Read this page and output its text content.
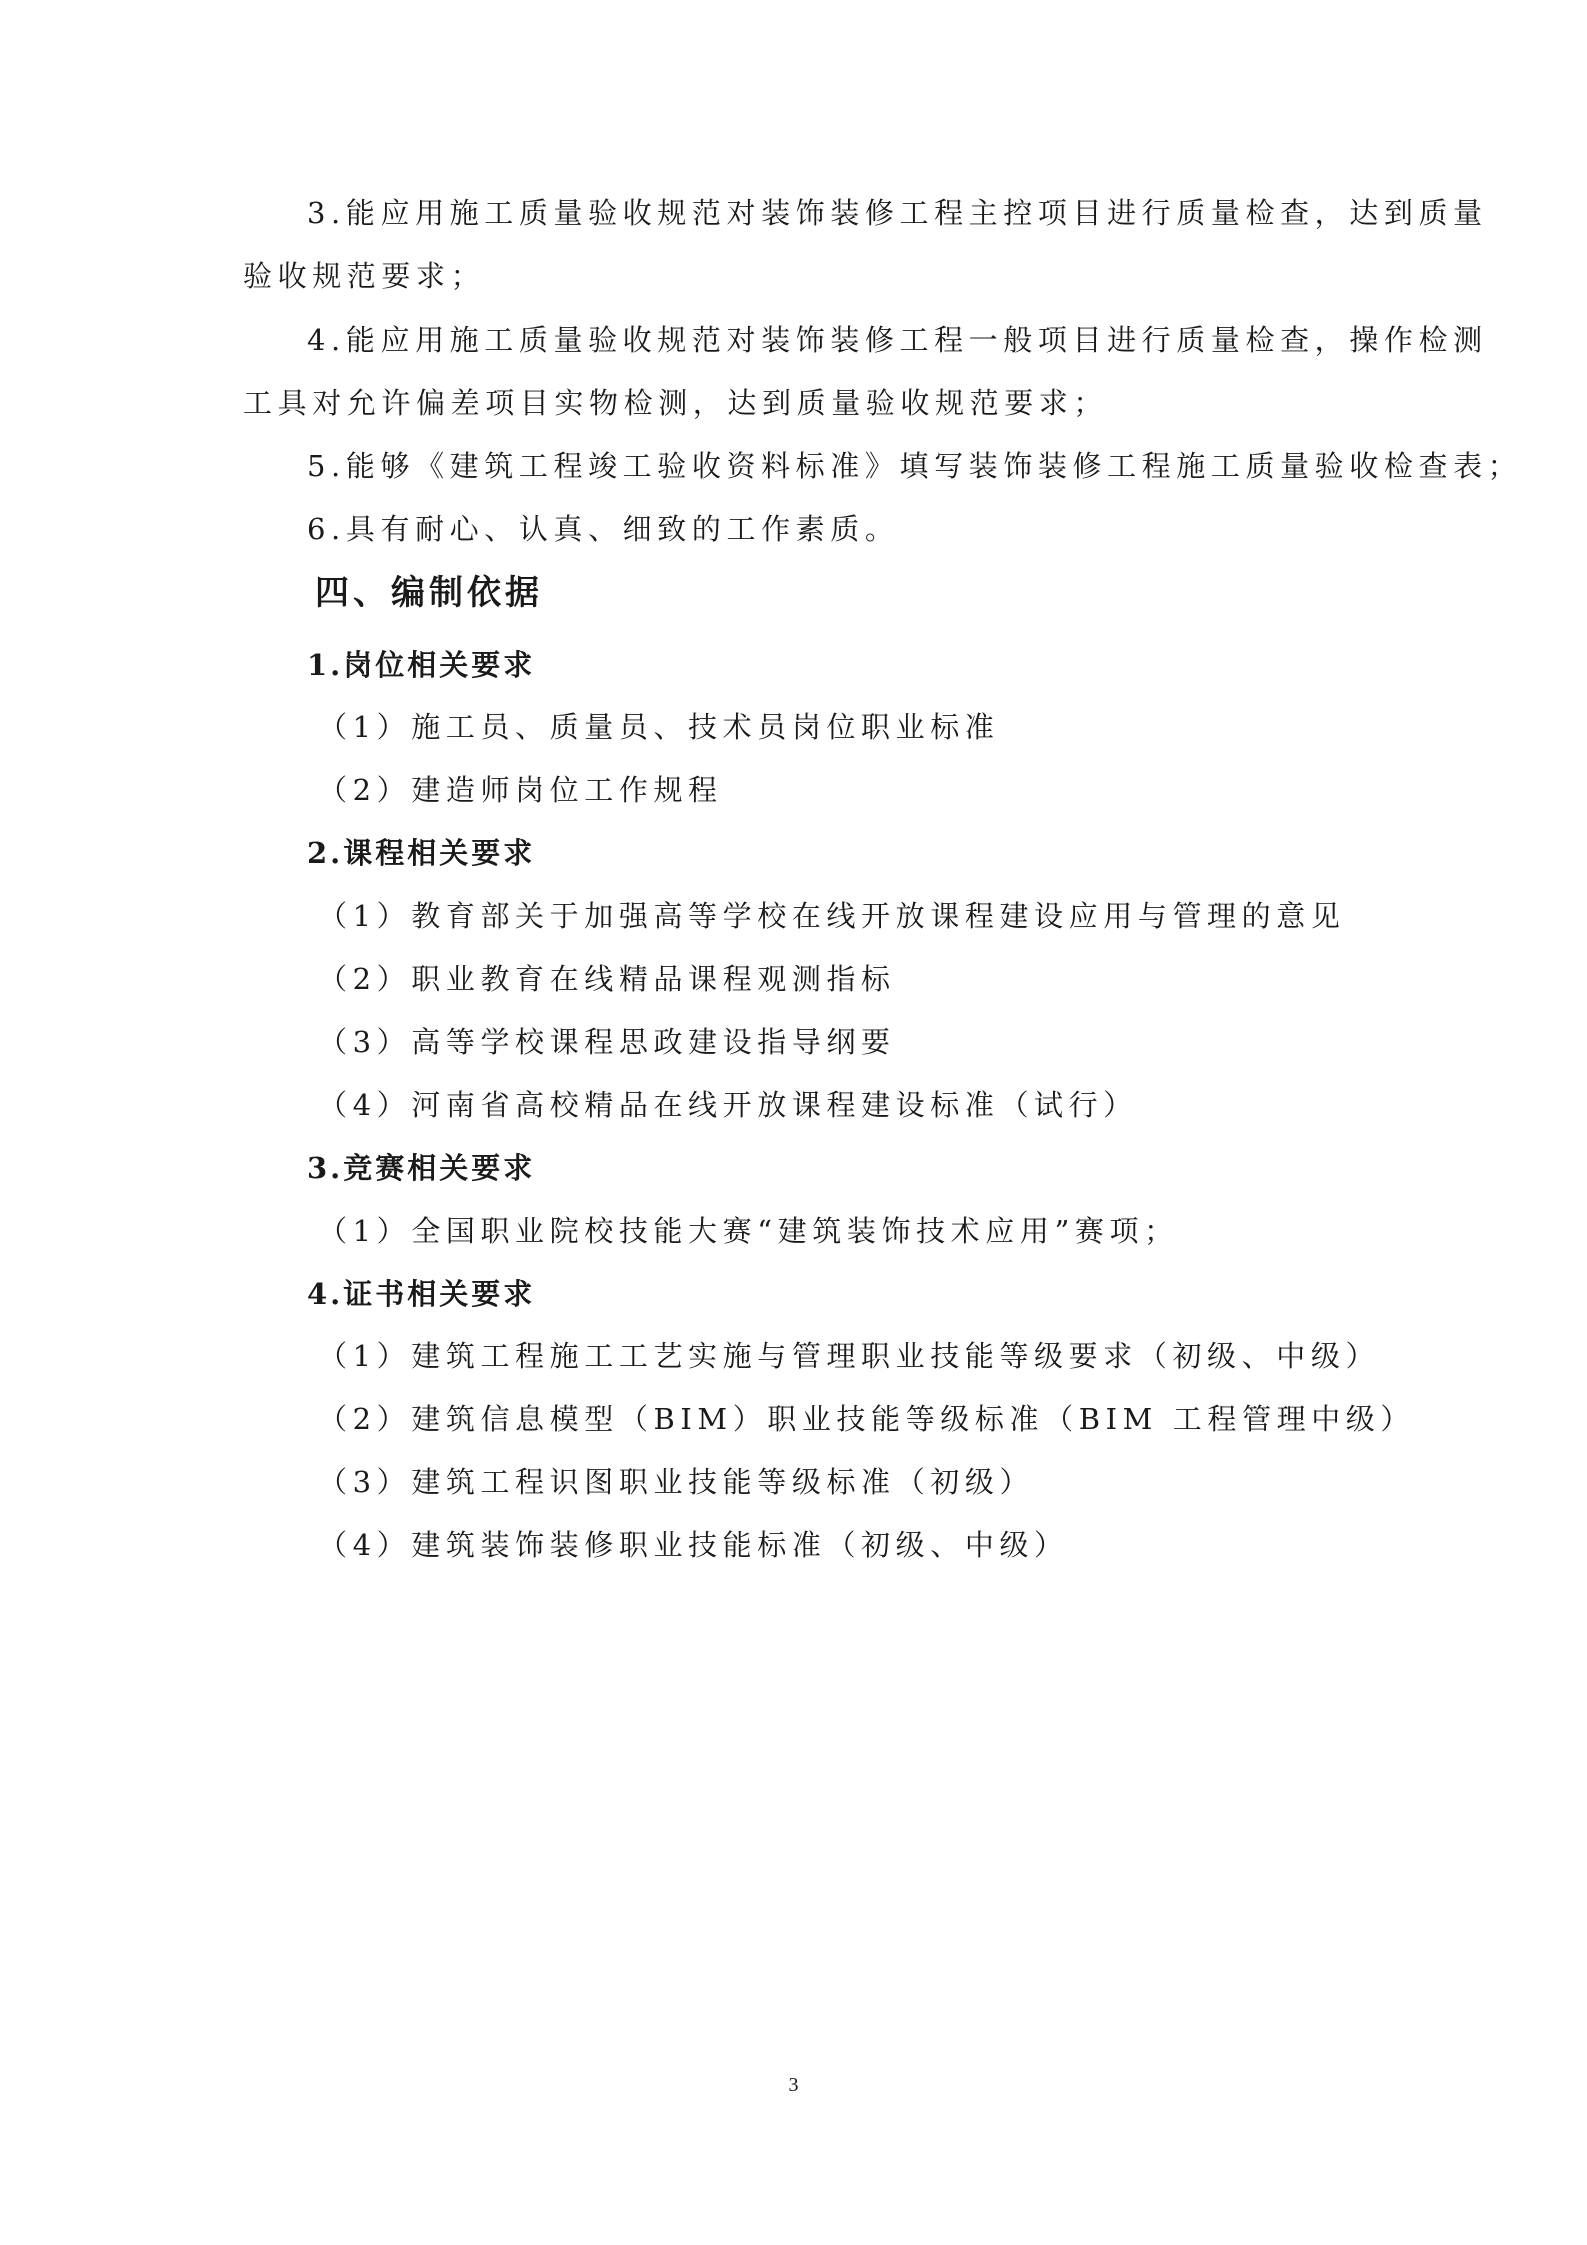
3.能应用施工质量验收规范对装饰装修工程主控项目进行质量检查，达到质量
验收规范要求；
4.能应用施工质量验收规范对装饰装修工程一般项目进行质量检查，操作检测
工具对允许偏差项目实物检测，达到质量验收规范要求；
5.能够《建筑工程竣工验收资料标准》填写装饰装修工程施工质量验收检查表；
6.具有耐心、认真、细致的工作素质。
四、编制依据
1.岗位相关要求
（1）施工员、质量员、技术员岗位职业标准
（2）建造师岗位工作规程
2.课程相关要求
（1）教育部关于加强高等学校在线开放课程建设应用与管理的意见
（2）职业教育在线精品课程观测指标
（3）高等学校课程思政建设指导纲要
（4）河南省高校精品在线开放课程建设标准（试行）
3.竞赛相关要求
（1）全国职业院校技能大赛“建筑装饰技术应用”赛项；
4.证书相关要求
（1）建筑工程施工工艺实施与管理职业技能等级要求（初级、中级）
（2）建筑信息模型（BIM）职业技能等级标准（BIM 工程管理中级）
（3）建筑工程识图职业技能等级标准（初级）
（4）建筑装饰装修职业技能标准（初级、中级）
3
